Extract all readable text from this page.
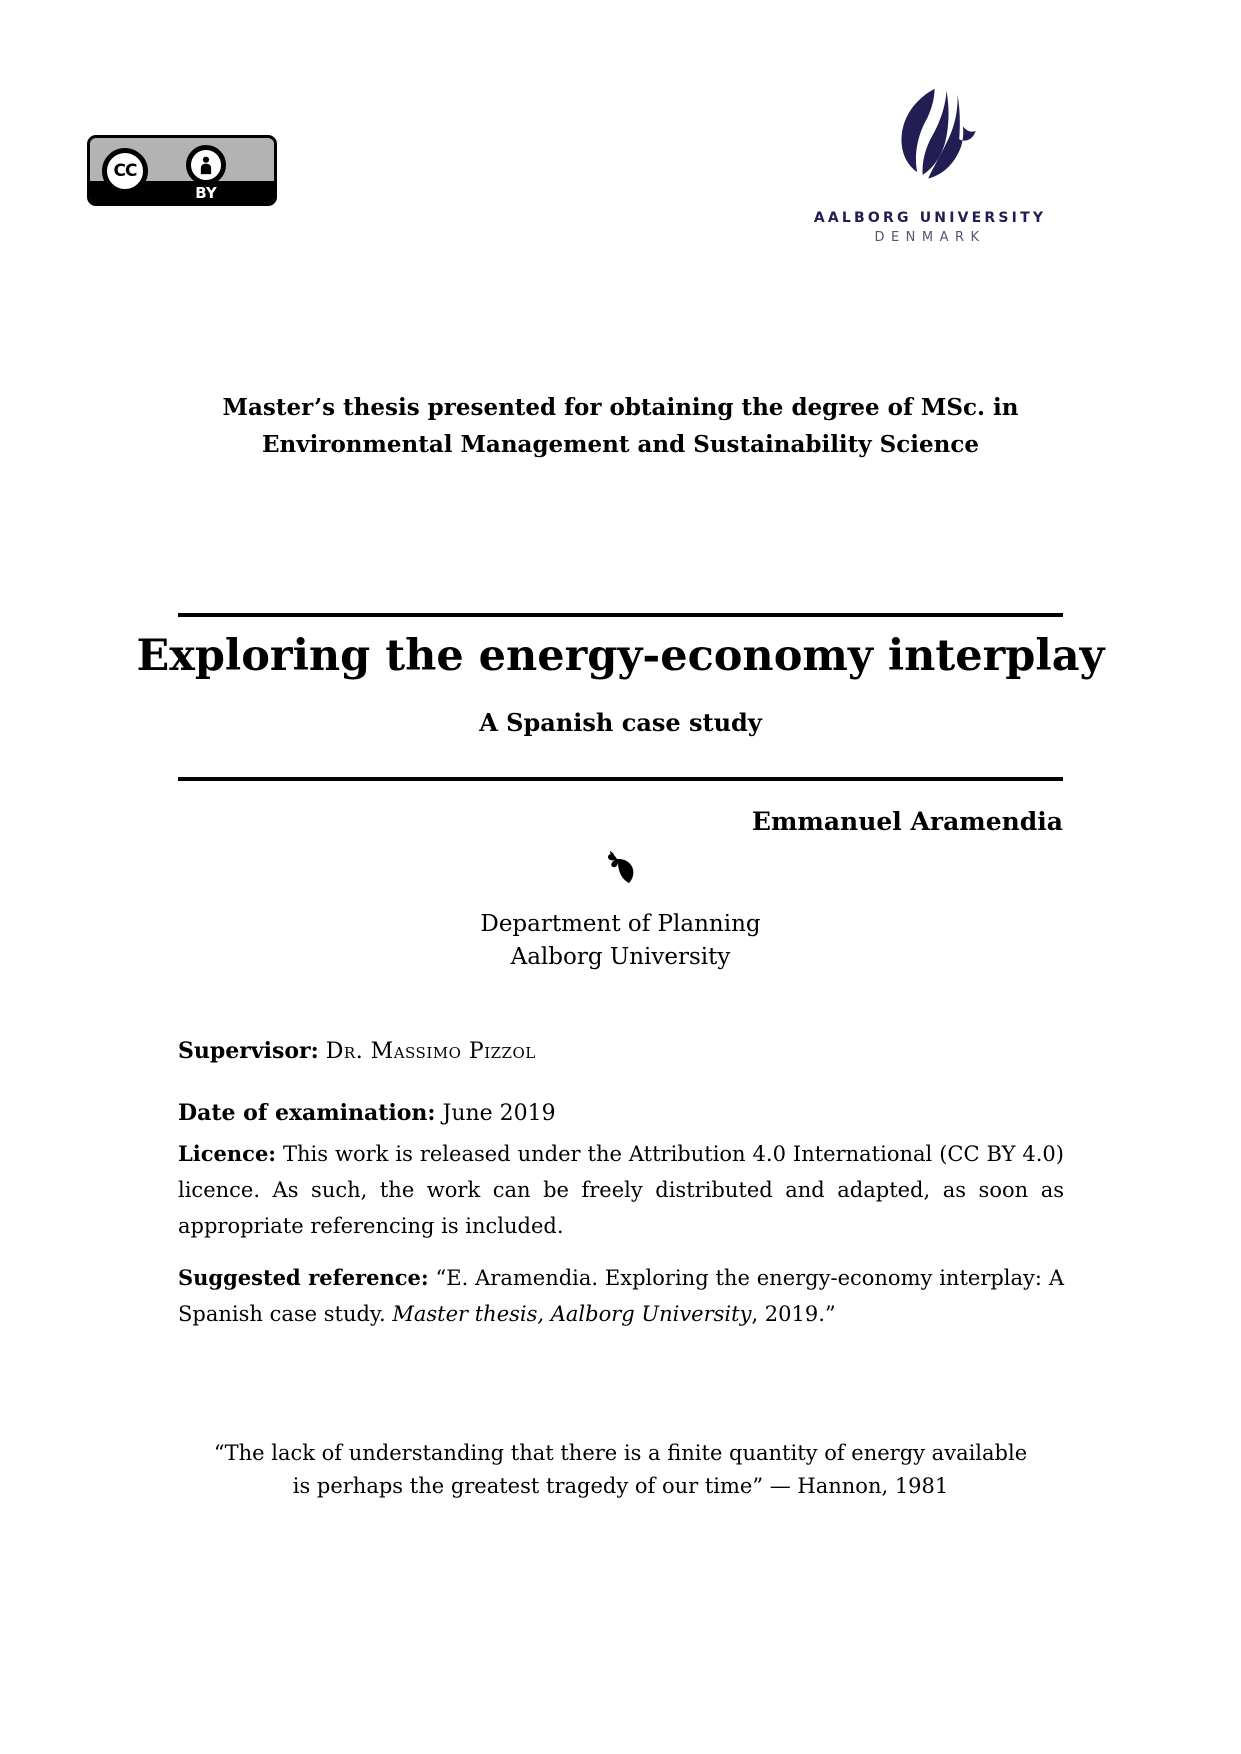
CC
BY
AALBORG UNIVERSITY
DENMARK
Master’s thesis presented for obtaining the degree of MSc. in
Environmental Management and Sustainability Science
Exploring the energy-economy interplay
A Spanish case study
Emmanuel Aramendia
Department of Planning
Aalborg University
Supervisor: Dr. Massimo Pizzol
Date of examination: June 2019
Licence: This work is released under the Attribution 4.0 International (CC BY 4.0) licence. As such, the work can be freely distributed and adapted, as soon as appropriate referencing is included.
Suggested reference: “E. Aramendia. Exploring the energy-economy interplay: A Spanish case study. Master thesis, Aalborg University, 2019.”
“The lack of understanding that there is a finite quantity of energy available
is perhaps the greatest tragedy of our time” — Hannon, 1981
